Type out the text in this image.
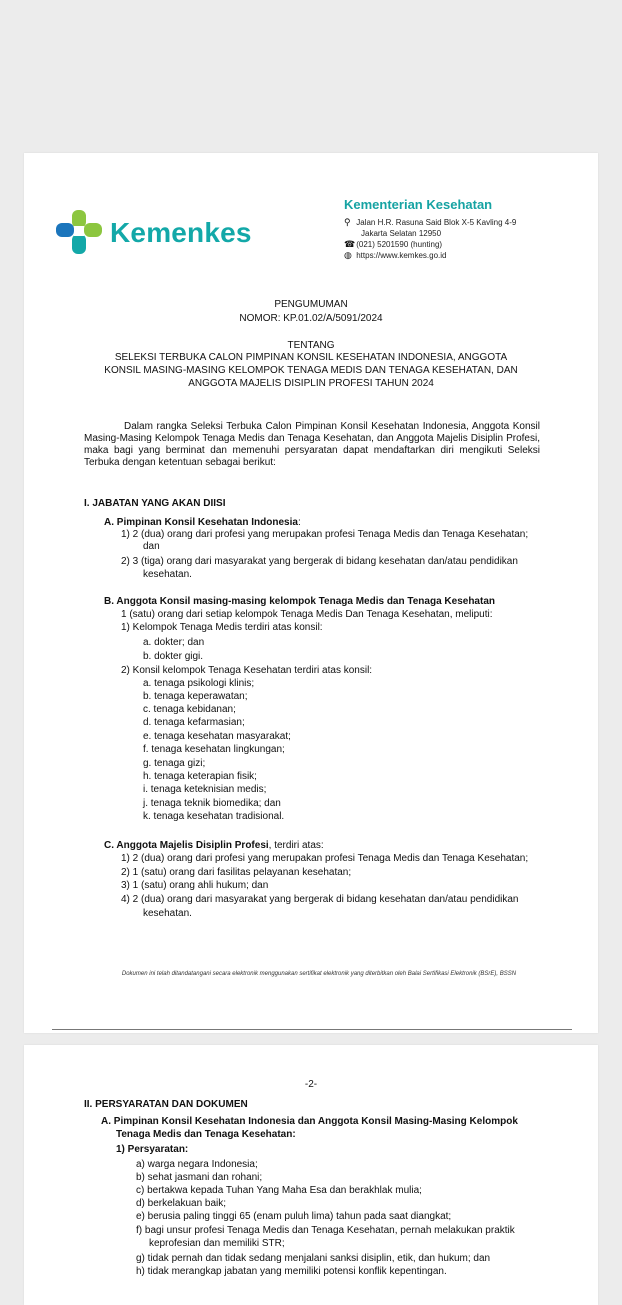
Kemenkes
Kementerian Kesehatan
⚲ Jalan H.R. Rasuna Said Blok X-5 Kavling 4-9
Jakarta Selatan 12950
☎ (021) 5201590 (hunting)
◍ https://www.kemkes.go.id
PENGUMUMAN
NOMOR: KP.01.02/A/5091/2024
TENTANG
SELEKSI TERBUKA CALON PIMPINAN KONSIL KESEHATAN INDONESIA, ANGGOTA
KONSIL MASING-MASING KELOMPOK TENAGA MEDIS DAN TENAGA KESEHATAN, DAN
ANGGOTA MAJELIS DISIPLIN PROFESI TAHUN 2024
Dalam rangka Seleksi Terbuka Calon Pimpinan Konsil Kesehatan Indonesia, Anggota Konsil Masing-Masing Kelompok Tenaga Medis dan Tenaga Kesehatan, dan Anggota Majelis Disiplin Profesi, maka bagi yang berminat dan memenuhi persyaratan dapat mendaftarkan diri mengikuti Seleksi Terbuka dengan ketentuan sebagai berikut:
I. JABATAN YANG AKAN DIISI
A. Pimpinan Konsil Kesehatan Indonesia:
1) 2 (dua) orang dari profesi yang merupakan profesi Tenaga Medis dan Tenaga Kesehatan;
dan
2) 3 (tiga) orang dari masyarakat yang bergerak di bidang kesehatan dan/atau pendidikan
kesehatan.
B. Anggota Konsil masing-masing kelompok Tenaga Medis dan Tenaga Kesehatan
1 (satu) orang dari setiap kelompok Tenaga Medis Dan Tenaga Kesehatan, meliputi:
1) Kelompok Tenaga Medis terdiri atas konsil:
a. dokter; dan
b. dokter gigi.
2) Konsil kelompok Tenaga Kesehatan terdiri atas konsil:
a. tenaga psikologi klinis;
b. tenaga keperawatan;
c. tenaga kebidanan;
d. tenaga kefarmasian;
e. tenaga kesehatan masyarakat;
f. tenaga kesehatan lingkungan;
g. tenaga gizi;
h. tenaga keterapian fisik;
i. tenaga keteknisian medis;
j. tenaga teknik biomedika; dan
k. tenaga kesehatan tradisional.
C. Anggota Majelis Disiplin Profesi, terdiri atas:
1) 2 (dua) orang dari profesi yang merupakan profesi Tenaga Medis dan Tenaga Kesehatan;
2) 1 (satu) orang dari fasilitas pelayanan kesehatan;
3) 1 (satu) orang ahli hukum; dan
4) 2 (dua) orang dari masyarakat yang bergerak di bidang kesehatan dan/atau pendidikan
kesehatan.
Dokumen ini telah ditandatangani secara elektronik menggunakan sertifikat elektronik yang diterbitkan oleh Balai Sertifikasi Elektronik (BSrE), BSSN
-2-
II. PERSYARATAN DAN DOKUMEN
A. Pimpinan Konsil Kesehatan Indonesia dan Anggota Konsil Masing-Masing Kelompok
Tenaga Medis dan Tenaga Kesehatan:
1) Persyaratan:
a) warga negara Indonesia;
b) sehat jasmani dan rohani;
c) bertakwa kepada Tuhan Yang Maha Esa dan berakhlak mulia;
d) berkelakuan baik;
e) berusia paling tinggi 65 (enam puluh lima) tahun pada saat diangkat;
f) bagi unsur profesi Tenaga Medis dan Tenaga Kesehatan, pernah melakukan praktik
keprofesian dan memiliki STR;
g) tidak pernah dan tidak sedang menjalani sanksi disiplin, etik, dan hukum; dan
h) tidak merangkap jabatan yang memiliki potensi konflik kepentingan.
